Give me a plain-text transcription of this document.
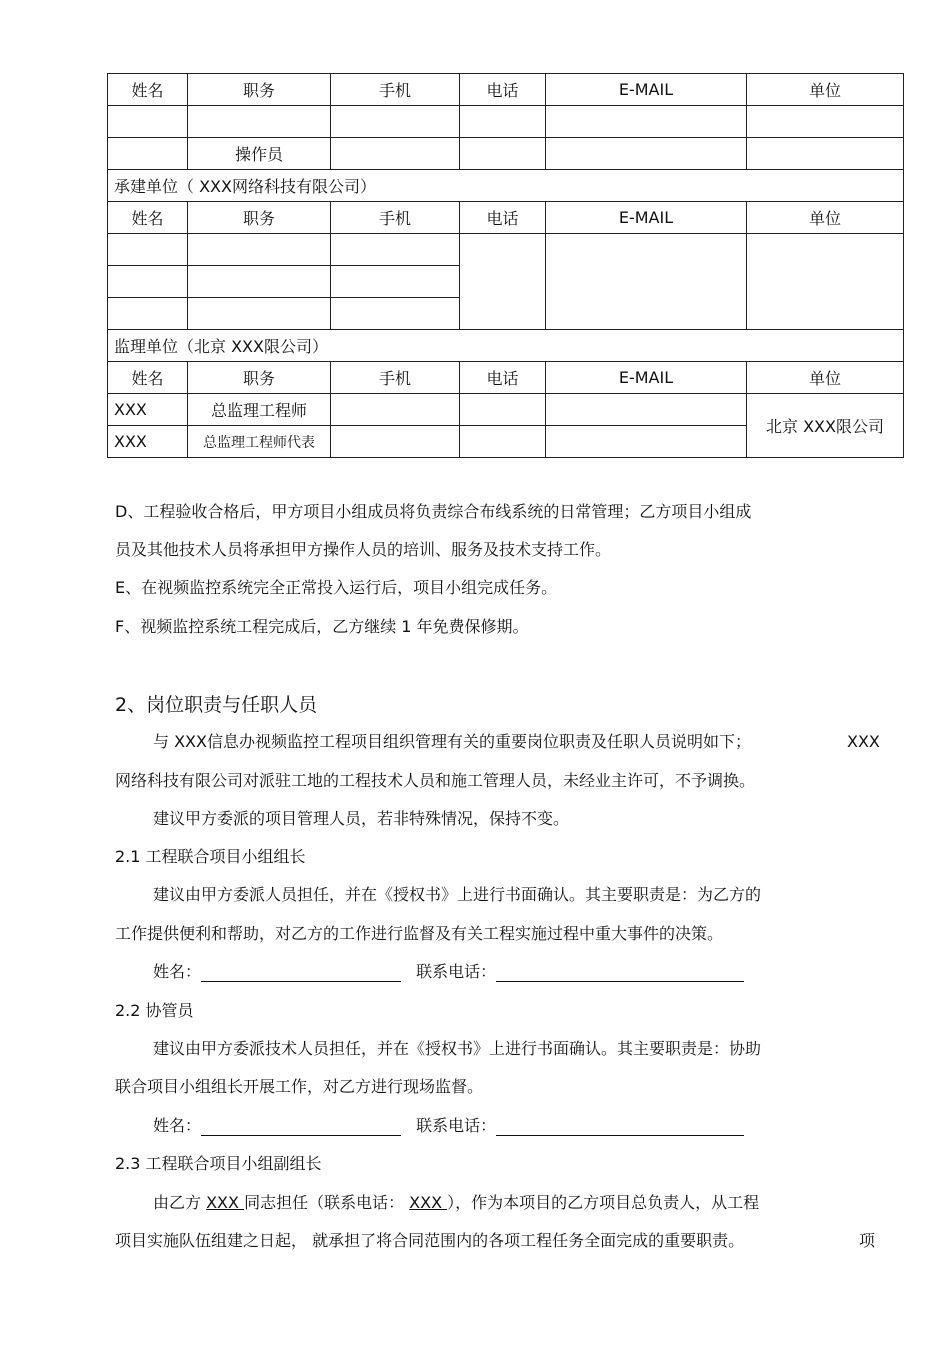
姓名	职务	手机	电话	E-MAIL	单位

	操作员				
承建单位（ XXX网络科技有限公司）					
姓名	职务	手机	电话	E-MAIL	单位

监理单位（北京 XXX限公司）					
姓名	职务	手机	电话	E-MAIL	单位
XXX	总监理工程师				北京 XXX限公司
XXX	总监理工程师代表				
D、工程验收合格后，甲方项目小组成员将负责综合布线系统的日常管理；乙方项目小组成
员及其他技术人员将承担甲方操作人员的培训、服务及技术支持工作。
E、在视频监控系统完全正常投入运行后，项目小组完成任务。
F、视频监控系统工程完成后，乙方继续 1 年免费保修期。
2、岗位职责与任职人员
与 XXX信息办视频监控工程项目组织管理有关的重要岗位职责及任职人员说明如下；	XXX
网络科技有限公司对派驻工地的工程技术人员和施工管理人员，未经业主许可，不予调换。
建议甲方委派的项目管理人员，若非特殊情况，保持不变。
2.1 工程联合项目小组组长
建议由甲方委派人员担任，并在《授权书》上进行书面确认。其主要职责是：为乙方的
工作提供便利和帮助，对乙方的工作进行监督及有关工程实施过程中重大事件的决策。
姓名：	联系电话：
2.2 协管员
建议由甲方委派技术人员担任，并在《授权书》上进行书面确认。其主要职责是：协助
联合项目小组组长开展工作，对乙方进行现场监督。
姓名：	联系电话：
2.3 工程联合项目小组副组长
由乙方 XXX 同志担任（联系电话： XXX ），作为本项目的乙方项目总负责人，从工程
项目实施队伍组建之日起， 就承担了将合同范围内的各项工程任务全面完成的重要职责。	项
